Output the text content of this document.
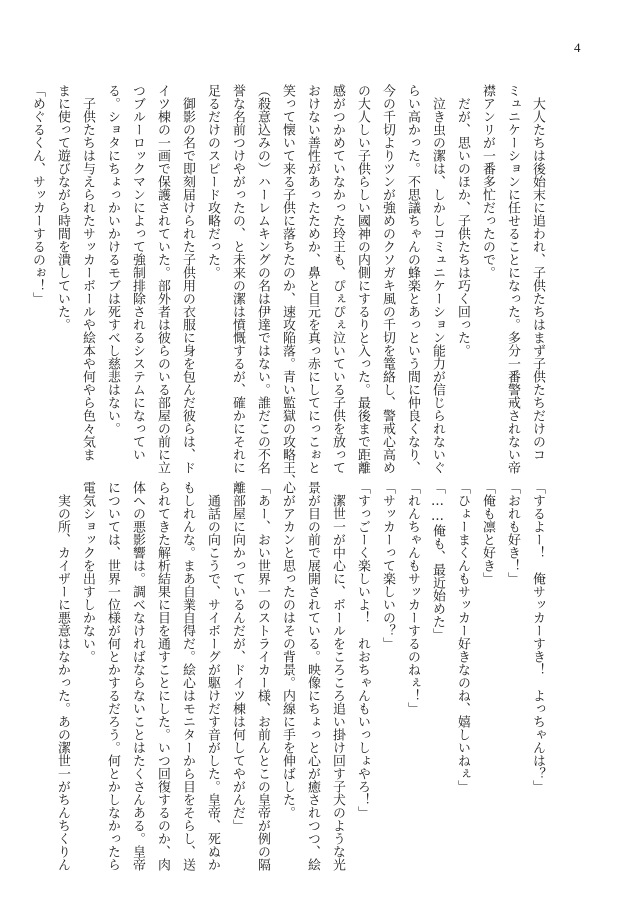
4
　大人たちは後始末に追われ、子供たちはまず子供たちだけのコ
ミュニケーションに任せることになった。多分一番警戒されない帝
襟アンリが一番多忙だったので。
　だが、思いのほか、子供たちは巧く回った。
　泣き虫の潔は、しかしコミュニケーション能力が信じられないぐ
らい高かった。不思議ちゃんの蜂楽とあっという間に仲良くなり、
今の千切よりツンが強めのクソガキ風の千切を篭絡し、警戒心高め
の大人しい子供らしい國神の内側にするりと入った。最後まで距離
感がつかめていなかった玲王も、ぴぇぴぇ泣いている子供を放って
おけない善性があったためか、鼻と目元を真っ赤にしてにっこぉと
笑って懐いて来る子供に落ちたのか、速攻陥落。青い監獄の攻略王、
（殺意込みの）ハーレムキングの名は伊達ではない。誰だこの不名
誉な名前つけやがったの、と未来の潔は憤慨するが、確かにそれに
足るだけのスピード攻略だった。
　御影の名で即刻届けられた子供用の衣服に身を包んだ彼らは、ド
イツ棟の一画で保護されていた。部外者は彼らのいる部屋の前に立
つブルーロックマンによって強制排除されるシステムになってい
る。ショタにちょっかいかけるモブは死すべし慈悲はない。
　子供たちは与えられたサッカーボールや絵本や何やら色々気ま
まに使って遊びながら時間を潰していた。
「めぐるくん、サッカーするのぉ！」
「するよー！　俺サッカーすき！　よっちゃんは？」
「おれも好き！」
「俺も凛と好き」
「ひょーまくんもサッカー好きなのね、嬉しいねぇ」
「……俺も、最近始めた」
「れんちゃんもサッカーするのねぇ！」
「サッカーって楽しいの？」
「すっごーく楽しいよ！　れおちゃんもいっしょやろ！」
　潔世一が中心に、ボールをころころ追い掛け回す子犬のような光
景が目の前で展開されている。映像にちょっと心が癒されつつ、絵
心がアカンと思ったのはその背景。内線に手を伸ばした。
「あー、おい世界一のストライカー様、お前んとこの皇帝が例の隔
離部屋に向かっているんだが、ドイツ棟は何してやがんだ」
　通話の向こうで、サイボーグが駆けだす音がした。皇帝、死ぬか
もしれんな。まあ自業自得だ。絵心はモニターから目をそらし、送
られてきた解析結果に目を通すことにした。いつ回復するのか、肉
体への悪影響は。調べなければならないことはたくさんある。皇帝
については、世界一位様が何とかするだろう。何とかしなかったら
電気ショックを出すしかない。
　実の所、カイザーに悪意はなかった。あの潔世一がちんちくりん
